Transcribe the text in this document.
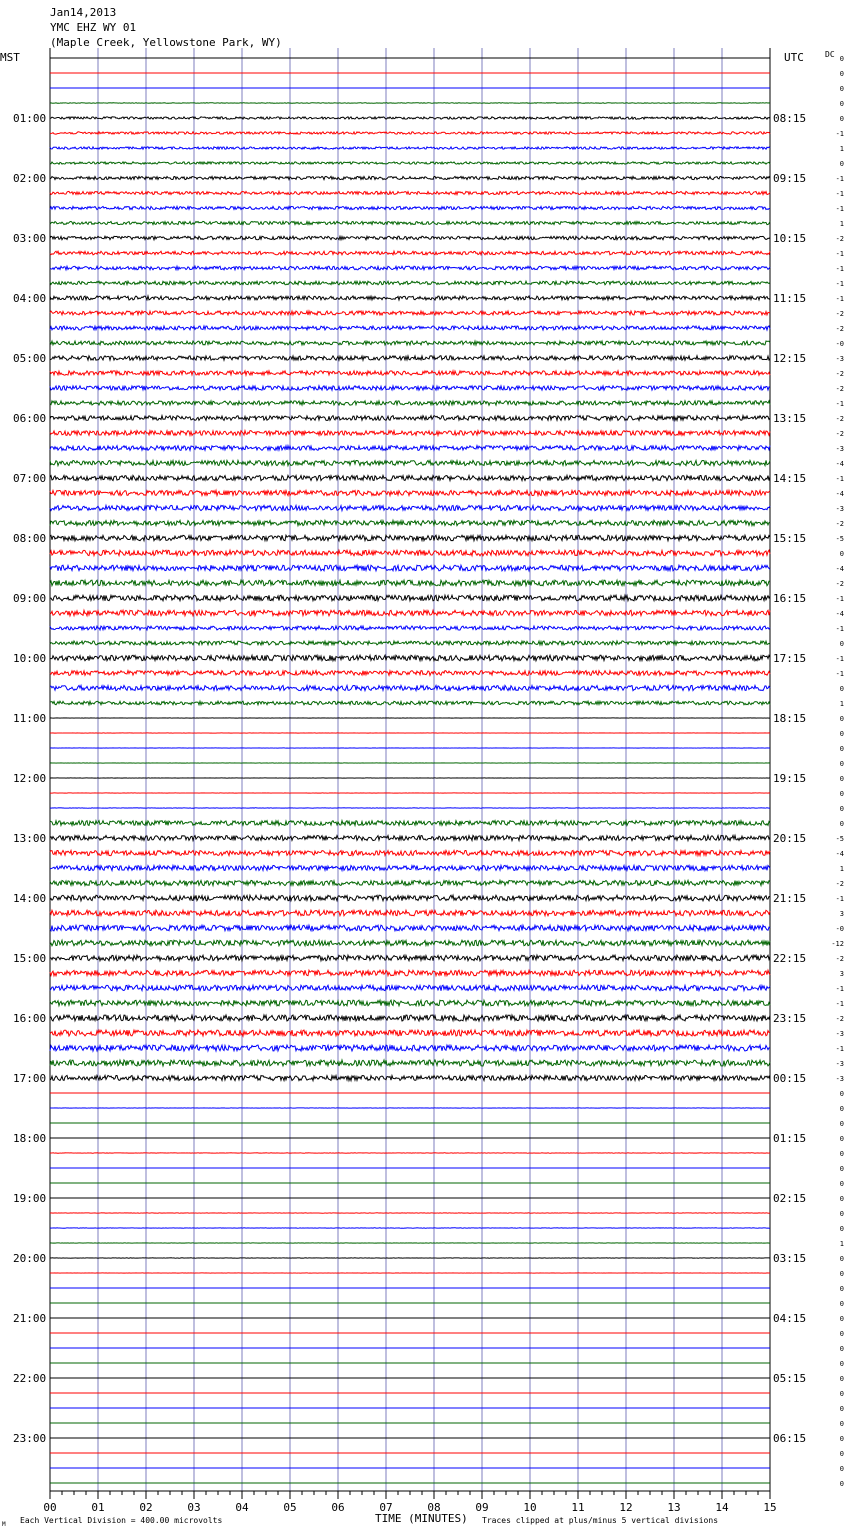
Jan14,2013
YMC EHZ WY 01
(Maple Creek, Yellowstone Park, WY)
MST	UTC	DC
01:00
02:00
03:00
04:00
05:00
06:00
07:00
08:00
09:00
10:00
11:00
12:00
13:00
14:00
15:00
16:00
17:00
18:00
19:00
20:00
21:00
22:00
23:00
08:15
09:15
10:15
11:15
12:15
13:15
14:15
15:15
16:15
17:15
18:15
19:15
20:15
21:15
22:15
23:15
00:15
01:15
02:15
03:15
04:15
05:15
06:15
0
0
0
0
0
-1
1
0
-1
-1
-1
1
-2
-1
-1
-1
-1
-2
-2
-0
-3
-2
-2
-1
-2
-2
-3
-4
-1
-4
-3
-2
-5
0
-4
-2
-1
-4
-1
0
-1
-1
0
1
0
0
0
0
0
0
0
0
-5
-4
1
-2
-1
3
-0
-12
-2
3
-1
-1
-2
-3
-1
-3
-3
0
0
0
0
0
0
0
0
0
0
1
0
0
0
0
0
0
0
0
0
0
0
0
0
0
0
0
00	01	02	03	04	05	06	07	08	09	10	11	12	13	14	15
TIME (MINUTES)
Each Vertical Division = 400.00 microvolts	Traces clipped at plus/minus 5 vertical divisions
M
